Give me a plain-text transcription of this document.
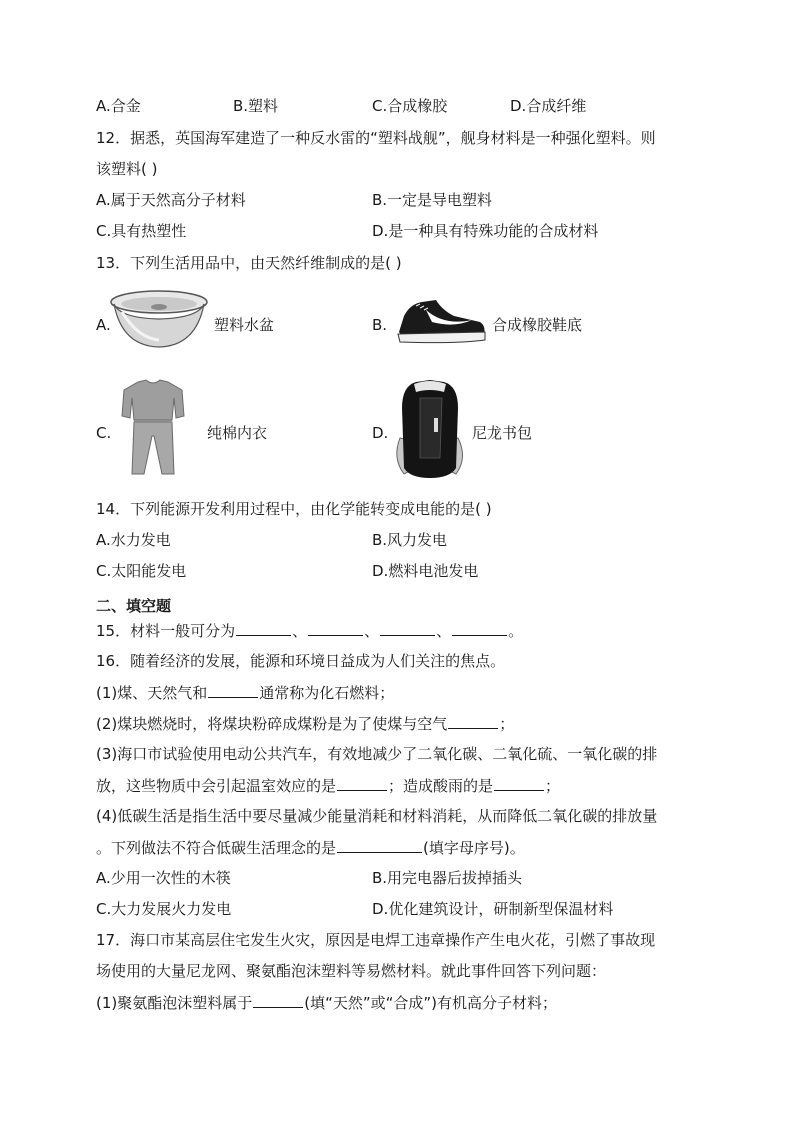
A.合金	B.塑料	C.合成橡胶	D.合成纤维
12．据悉，英国海军建造了一种反水雷的“塑料战舰”，舰身材料是一种强化塑料。则
该塑料( )
A.属于天然高分子材料	B.一定是导电塑料
C.具有热塑性	D.是一种具有特殊功能的合成材料
13．下列生活用品中，由天然纤维制成的是( )
A.	塑料水盆	B.	合成橡胶鞋底
C.	纯棉内衣	D.	尼龙书包
14．下列能源开发利用过程中，由化学能转变成电能的是( )
A.水力发电	B.风力发电
C.太阳能发电	D.燃料电池发电
二、填空题
15．材料一般可分为	、	、	、	。
16．随着经济的发展，能源和环境日益成为人们关注的焦点。
(1)煤、天然气和	通常称为化石燃料；
(2)煤块燃烧时，将煤块粉碎成煤粉是为了使煤与空气	；
(3)海口市试验使用电动公共汽车，有效地减少了二氧化碳、二氧化硫、一氧化碳的排
放，这些物质中会引起温室效应的是	；造成酸雨的是	；
(4)低碳生活是指生活中要尽量减少能量消耗和材料消耗，从而降低二氧化碳的排放量
。下列做法不符合低碳生活理念的是	(填字母序号)。
A.少用一次性的木筷	B.用完电器后拔掉插头
C.大力发展火力发电	D.优化建筑设计，研制新型保温材料
17．海口市某高层住宅发生火灾，原因是电焊工违章操作产生电火花，引燃了事故现
场使用的大量尼龙网、聚氨酯泡沫塑料等易燃材料。就此事件回答下列问题：
(1)聚氨酯泡沫塑料属于	(填“天然”或“合成”)有机高分子材料；
